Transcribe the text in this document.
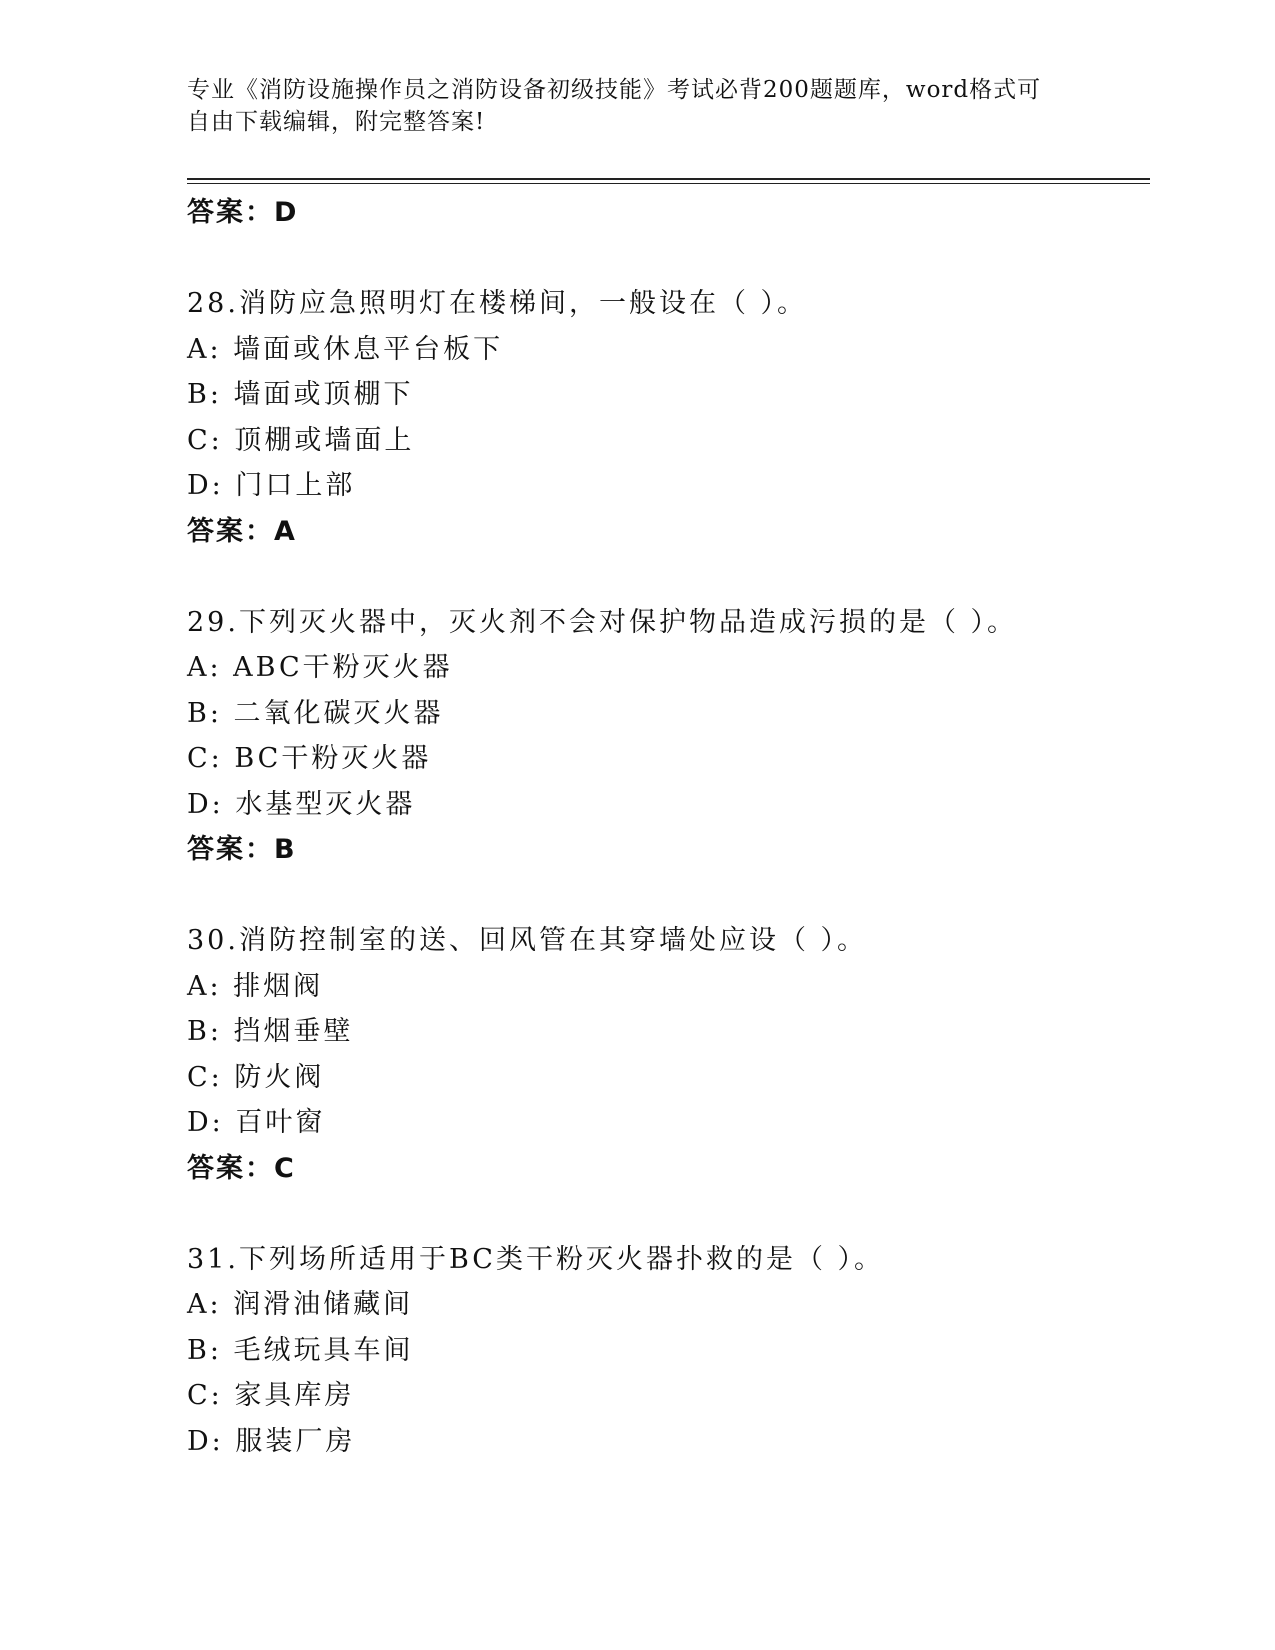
专业《消防设施操作员之消防设备初级技能》考试必背200题题库，word格式可
自由下载编辑，附完整答案!

答案：D
28.消防应急照明灯在楼梯间，一般设在（ ）。
A: 墙面或休息平台板下
B: 墙面或顶棚下
C: 顶棚或墙面上
D: 门口上部
答案：A
29.下列灭火器中，灭火剂不会对保护物品造成污损的是（ ）。
A: ABC干粉灭火器
B: 二氧化碳灭火器
C: BC干粉灭火器
D: 水基型灭火器
答案：B
30.消防控制室的送、回风管在其穿墙处应设（ ）。
A: 排烟阀
B: 挡烟垂壁
C: 防火阀
D: 百叶窗
答案：C
31.下列场所适用于BC类干粉灭火器扑救的是（ ）。
A: 润滑油储藏间
B: 毛绒玩具车间
C: 家具库房
D: 服装厂房
